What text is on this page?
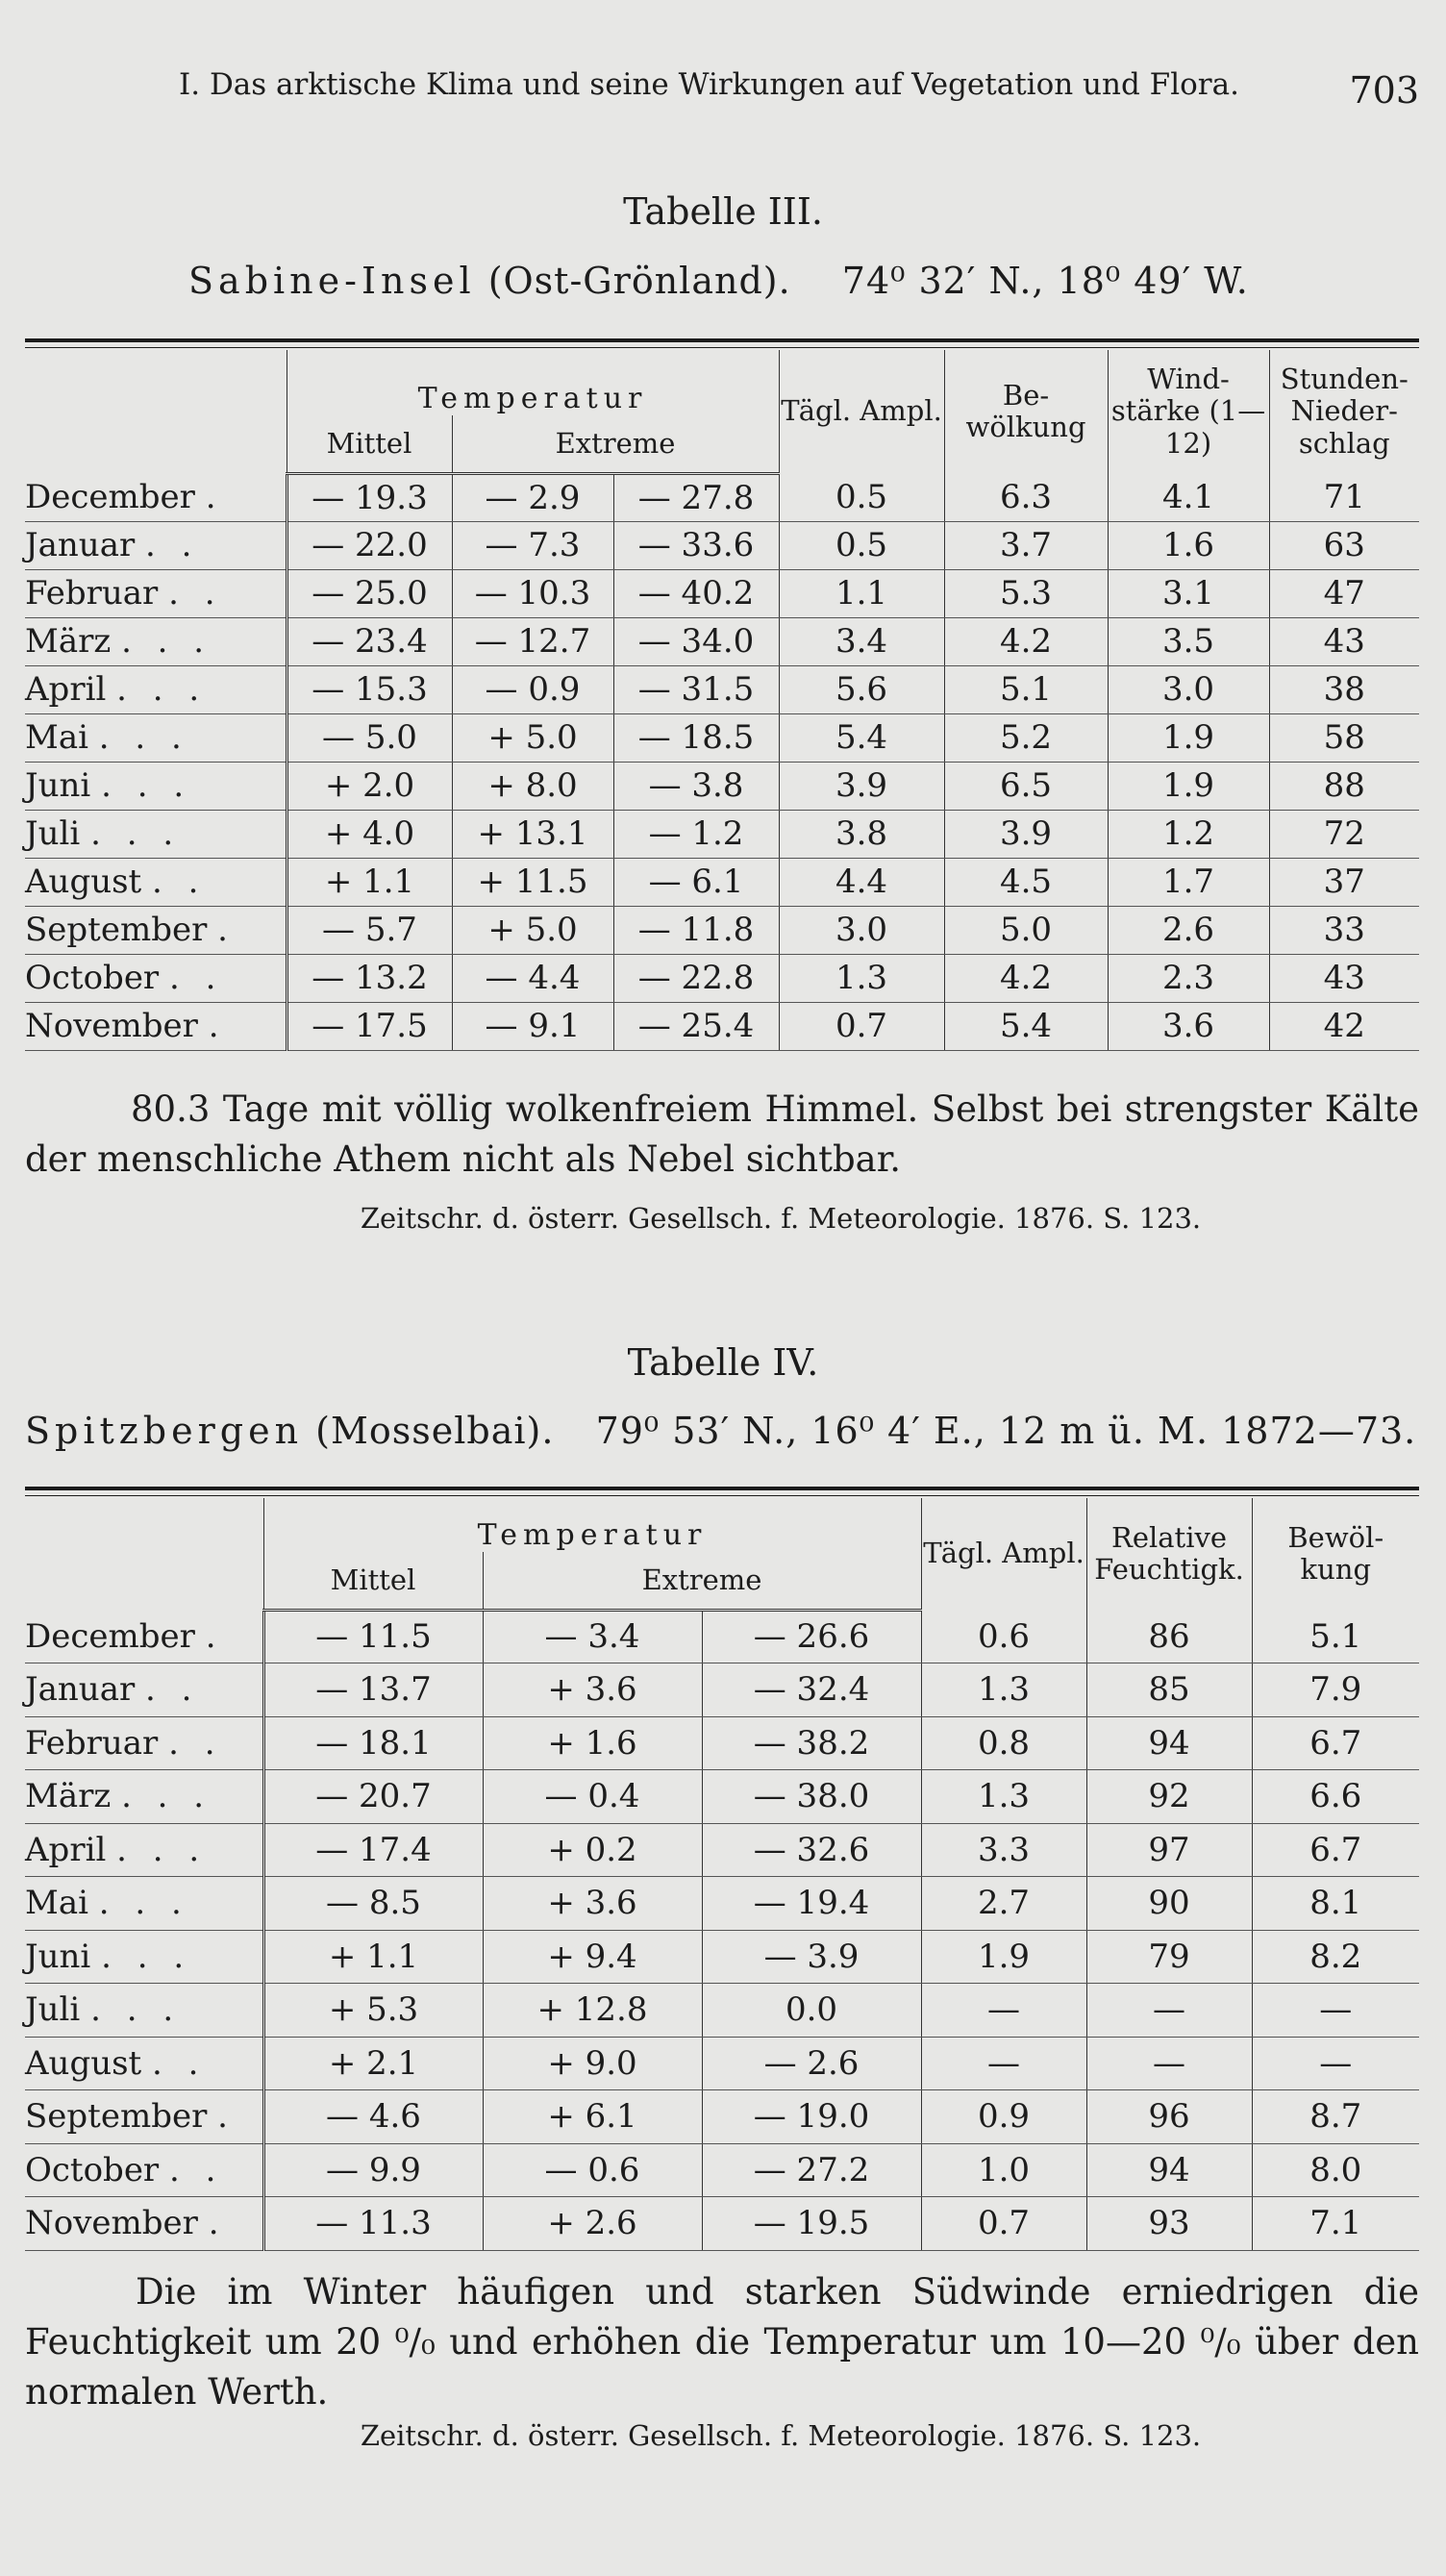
I. Das arktische Klima und seine Wirkungen auf Vegetation und Flora.	703
Tabelle III.
Sabine-Insel (Ost-Grönland). 74⁰ 32′ N., 18⁰ 49′ W.
	Temperatur			Tägl. Ampl.	Be- wölkung	Wind- stärke (1—12)	Stunden- Nieder- schlag
	Mittel	Extreme					
December .	— 19.3	— 2.9	— 27.8	0.5	6.3	4.1	71
Januar . .	— 22.0	— 7.3	— 33.6	0.5	3.7	1.6	63
Februar . .	— 25.0	— 10.3	— 40.2	1.1	5.3	3.1	47
März . . .	— 23.4	— 12.7	— 34.0	3.4	4.2	3.5	43
April . . .	— 15.3	— 0.9	— 31.5	5.6	5.1	3.0	38
Mai . . .	— 5.0	+ 5.0	— 18.5	5.4	5.2	1.9	58
Juni . . .	+ 2.0	+ 8.0	— 3.8	3.9	6.5	1.9	88
Juli . . .	+ 4.0	+ 13.1	— 1.2	3.8	3.9	1.2	72
August . .	+ 1.1	+ 11.5	— 6.1	4.4	4.5	1.7	37
September .	— 5.7	+ 5.0	— 11.8	3.0	5.0	2.6	33
October . .	— 13.2	— 4.4	— 22.8	1.3	4.2	2.3	43
November .	— 17.5	— 9.1	— 25.4	0.7	5.4	3.6	42

80.3 Tage mit völlig wolkenfreiem Himmel. Selbst bei strengster Kälte

der menschliche Athem nicht als Nebel sichtbar.

Zeitschr. d. österr. Gesellsch. f. Meteorologie. 1876. S. 123.
Tabelle IV.
Spitzbergen (Mosselbai). 79⁰ 53′ N., 16⁰ 4′ E., 12 m ü. M. 1872—73.
	Temperatur			Tägl. Ampl.	Relative Feuchtigk.	Bewöl- kung
	Mittel	Extreme				
December .	— 11.5	— 3.4	— 26.6	0.6	86	5.1
Januar . .	— 13.7	+ 3.6	— 32.4	1.3	85	7.9
Februar . .	— 18.1	+ 1.6	— 38.2	0.8	94	6.7
März . . .	— 20.7	— 0.4	— 38.0	1.3	92	6.6
April . . .	— 17.4	+ 0.2	— 32.6	3.3	97	6.7
Mai . . .	— 8.5	+ 3.6	— 19.4	2.7	90	8.1
Juni . . .	+ 1.1	+ 9.4	— 3.9	1.9	79	8.2
Juli . . .	+ 5.3	+ 12.8	0.0	—	—	—
August . .	+ 2.1	+ 9.0	— 2.6	—	—	—
September .	— 4.6	+ 6.1	— 19.0	0.9	96	8.7
October . .	— 9.9	— 0.6	— 27.2	1.0	94	8.0
November .	— 11.3	+ 2.6	— 19.5	0.7	93	7.1
Die im Winter häufigen und starken Südwinde erniedrigen die Feuchtigkeit um 20 ⁰/₀ und erhöhen die Temperatur um 10—20 ⁰/₀ über den normalen Werth.
Zeitschr. d. österr. Gesellsch. f. Meteorologie. 1876. S. 123.
